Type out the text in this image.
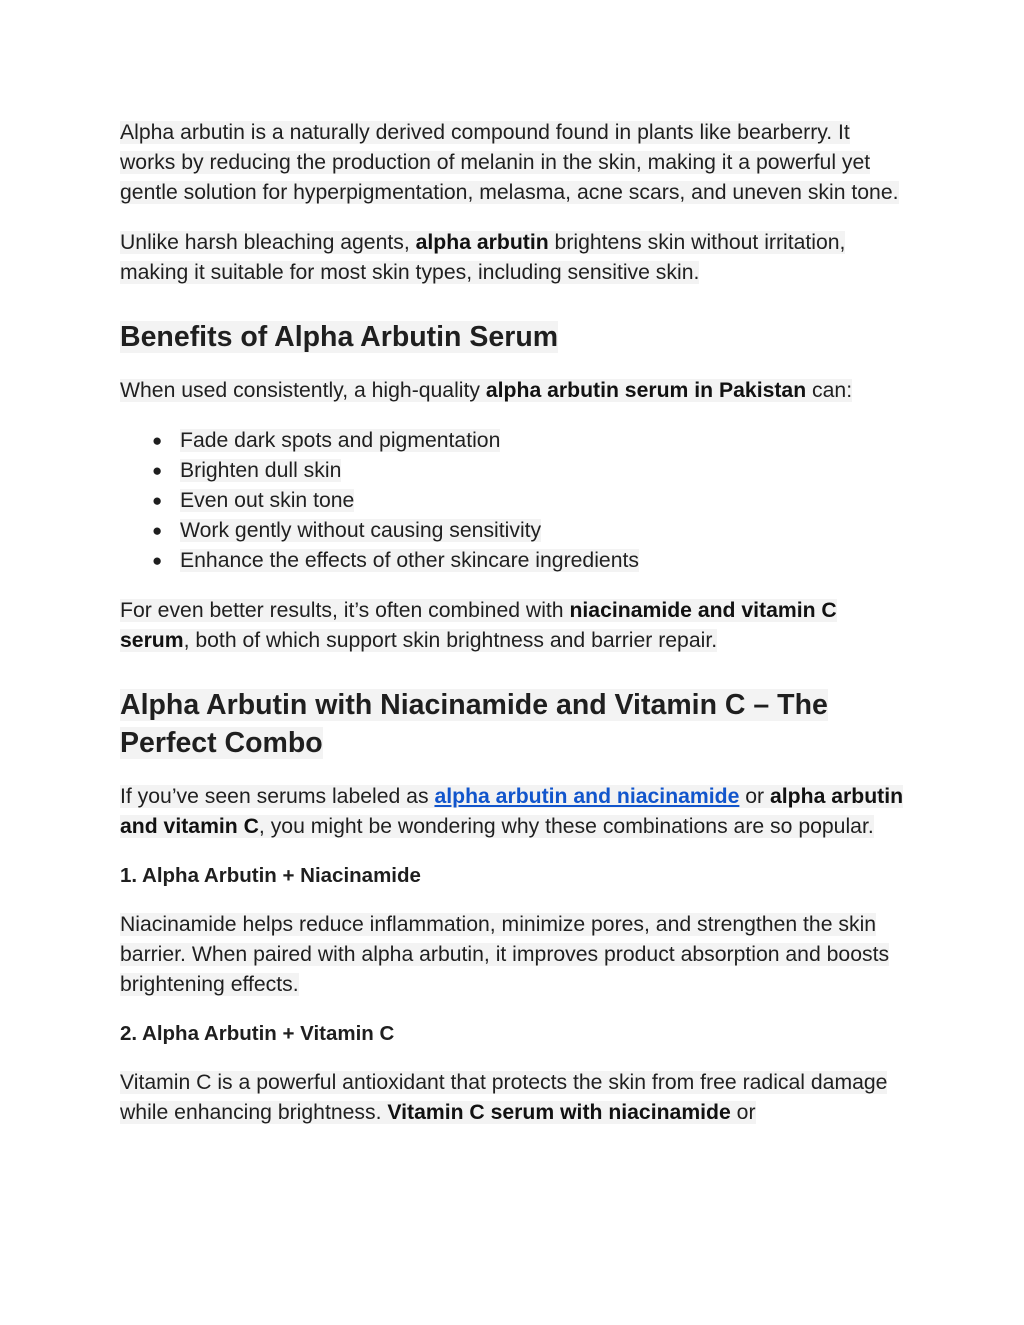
Alpha arbutin is a naturally derived compound found in plants like bearberry. It works by reducing the production of melanin in the skin, making it a powerful yet gentle solution for hyperpigmentation, melasma, acne scars, and uneven skin tone.

Unlike harsh bleaching agents, alpha arbutin brightens skin without irritation, making it suitable for most skin types, including sensitive skin.

Benefits of Alpha Arbutin Serum

When used consistently, a high-quality alpha arbutin serum in Pakistan can:

● Fade dark spots and pigmentation
● Brighten dull skin
● Even out skin tone
● Work gently without causing sensitivity
● Enhance the effects of other skincare ingredients

For even better results, it’s often combined with niacinamide and vitamin C serum, both of which support skin brightness and barrier repair.

Alpha Arbutin with Niacinamide and Vitamin C – The Perfect Combo

If you’ve seen serums labeled as alpha arbutin and niacinamide or alpha arbutin and vitamin C, you might be wondering why these combinations are so popular.

1. Alpha Arbutin + Niacinamide

Niacinamide helps reduce inflammation, minimize pores, and strengthen the skin barrier. When paired with alpha arbutin, it improves product absorption and boosts brightening effects.

2. Alpha Arbutin + Vitamin C

Vitamin C is a powerful antioxidant that protects the skin from free radical damage while enhancing brightness. Vitamin C serum with niacinamide or
